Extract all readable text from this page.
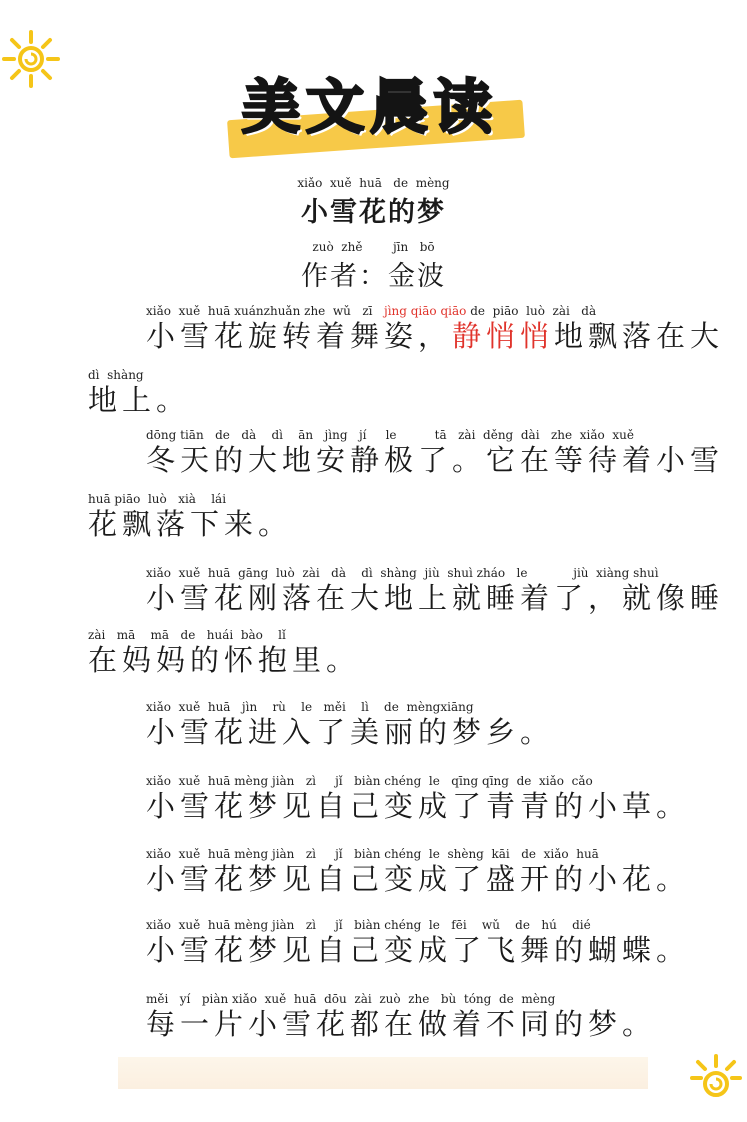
美文晨读
xiǎo  xuě  huā   de  mèng
小雪花的梦
zuò  zhě        jīn   bō
作者：金波
xiǎo  xuě  huā xuánzhuǎn zhe  wǔ   zī jìng qiāo qiāo de  piāo  luò  zài   dà
小雪花旋转着舞姿，静悄悄地飘落在大
dì  shàng
地上。
dōng tiān   de   dà    dì    ān   jìng   jí     le          tā   zài  děng  dài   zhe  xiǎo  xuě
冬天的大地安静极了。它在等待着小雪
huā piāo  luò   xià    lái
花飘落下来。
xiǎo  xuě  huā  gāng  luò  zài   dà    dì  shàng  jiù  shuì zháo   le            jiù  xiàng shuì
小雪花刚落在大地上就睡着了，就像睡
zài   mā    mā   de   huái  bào    lǐ
在妈妈的怀抱里。
xiǎo  xuě  huā   jìn    rù    le   měi    lì    de  mèngxiāng
小雪花进入了美丽的梦乡。
xiǎo  xuě  huā mèng jiàn   zì     jǐ   biàn chéng  le   qīng qīng  de  xiǎo  cǎo
小雪花梦见自己变成了青青的小草。
xiǎo  xuě  huā mèng jiàn   zì     jǐ   biàn chéng  le  shèng  kāi   de  xiǎo  huā
小雪花梦见自己变成了盛开的小花。
xiǎo  xuě  huā mèng jiàn   zì     jǐ   biàn chéng  le   fēi    wǔ    de   hú    dié
小雪花梦见自己变成了飞舞的蝴蝶。
měi   yí   piàn xiǎo  xuě  huā  dōu  zài  zuò  zhe   bù  tóng  de  mèng
每一片小雪花都在做着不同的梦。
